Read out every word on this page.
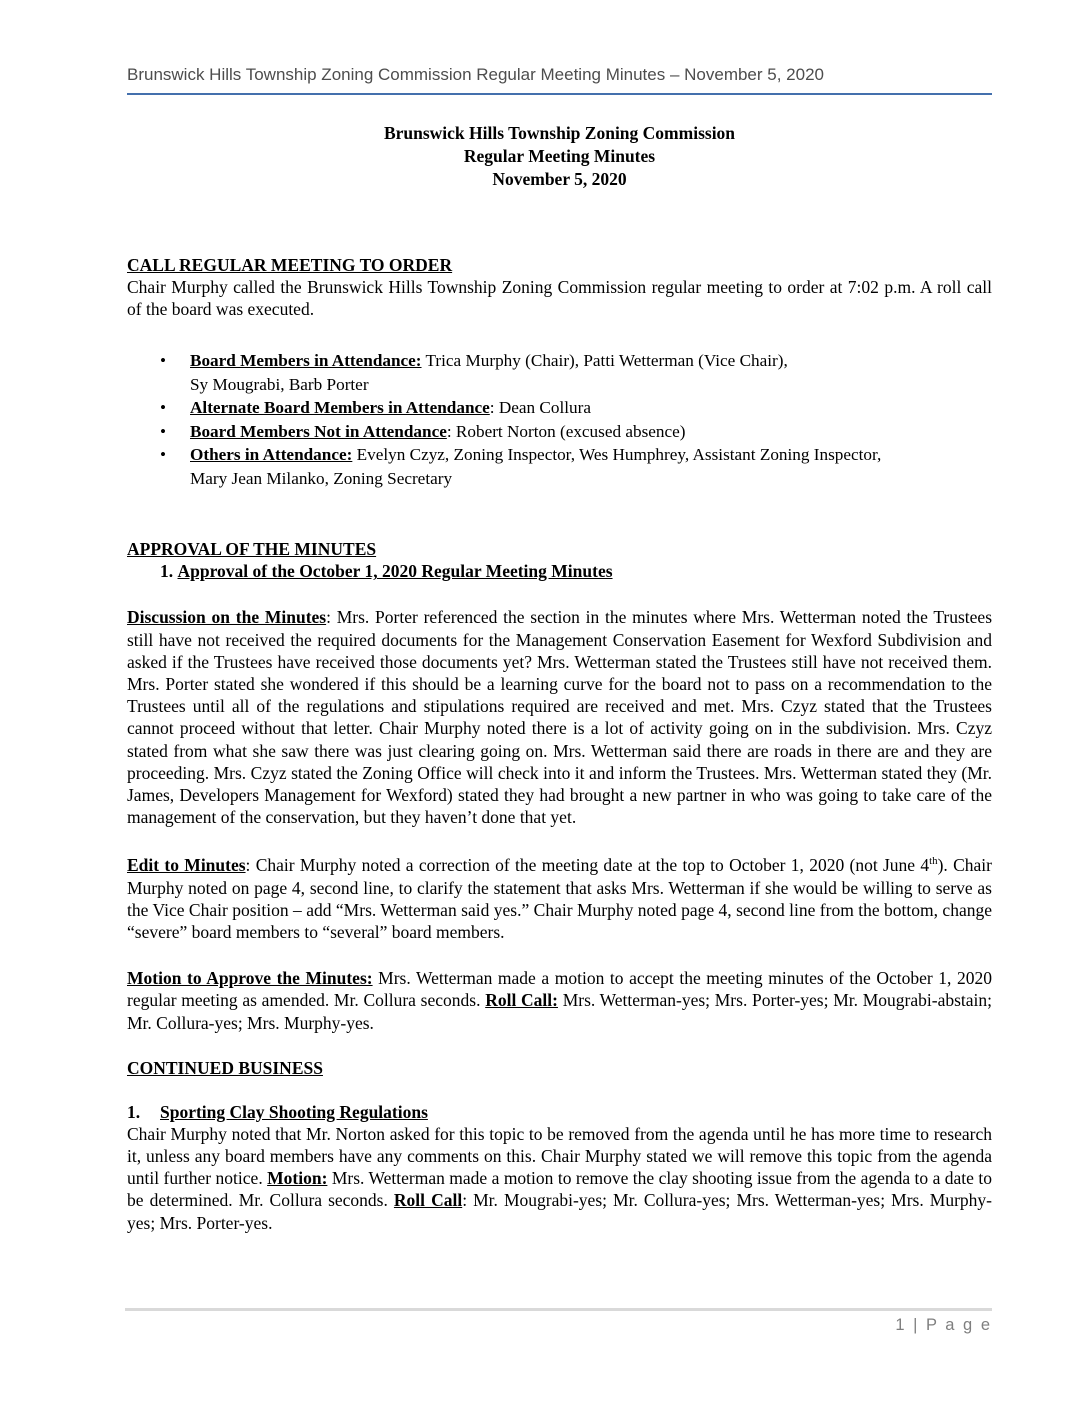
Brunswick Hills Township Zoning Commission Regular Meeting Minutes – November 5, 2020
Brunswick Hills Township Zoning Commission
Regular Meeting Minutes
November 5, 2020
CALL REGULAR MEETING TO ORDER

Chair Murphy called the Brunswick Hills Township Zoning Commission regular meeting to order at 7:02 p.m. A roll call of the board was executed.

•	Board Members in Attendance: Trica Murphy (Chair), Patti Wetterman (Vice Chair),
Sy Mougrabi, Barb Porter
•	Alternate Board Members in Attendance: Dean Collura
•	Board Members Not in Attendance: Robert Norton (excused absence)
•	Others in Attendance: Evelyn Czyz, Zoning Inspector, Wes Humphrey, Assistant Zoning Inspector,
Mary Jean Milanko, Zoning Secretary
APPROVAL OF THE MINUTES
1. Approval of the October 1, 2020 Regular Meeting Minutes

Discussion on the Minutes: Mrs. Porter referenced the section in the minutes where Mrs. Wetterman noted the Trustees still have not received the required documents for the Management Conservation Easement for Wexford Subdivision and asked if the Trustees have received those documents yet? Mrs. Wetterman stated the Trustees still have not received them. Mrs. Porter stated she wondered if this should be a learning curve for the board not to pass on a recommendation to the Trustees until all of the regulations and stipulations required are received and met. Mrs. Czyz stated that the Trustees cannot proceed without that letter. Chair Murphy noted there is a lot of activity going on in the subdivision. Mrs. Czyz stated from what she saw there was just clearing going on. Mrs. Wetterman said there are roads in there are and they are proceeding. Mrs. Czyz stated the Zoning Office will check into it and inform the Trustees. Mrs. Wetterman stated they (Mr. James, Developers Management for Wexford) stated they had brought a new partner in who was going to take care of the management of the conservation, but they haven’t done that yet.

Edit to Minutes: Chair Murphy noted a correction of the meeting date at the top to October 1, 2020 (not June 4th). Chair Murphy noted on page 4, second line, to clarify the statement that asks Mrs. Wetterman if she would be willing to serve as the Vice Chair position – add “Mrs. Wetterman said yes.” Chair Murphy noted page 4, second line from the bottom, change “severe” board members to “several” board members.

Motion to Approve the Minutes: Mrs. Wetterman made a motion to accept the meeting minutes of the October 1, 2020 regular meeting as amended. Mr. Collura seconds. Roll Call: Mrs. Wetterman-yes; Mrs. Porter-yes; Mr. Mougrabi-abstain; Mr. Collura-yes; Mrs. Murphy-yes.

CONTINUED BUSINESS
1. Sporting Clay Shooting Regulations

Chair Murphy noted that Mr. Norton asked for this topic to be removed from the agenda until he has more time to research it, unless any board members have any comments on this. Chair Murphy stated we will remove this topic from the agenda until further notice. Motion: Mrs. Wetterman made a motion to remove the clay shooting issue from the agenda to a date to be determined. Mr. Collura seconds. Roll Call: Mr. Mougrabi-yes; Mr. Collura-yes; Mrs. Wetterman-yes; Mrs. Murphy-yes; Mrs. Porter-yes.

1 | P a g e
